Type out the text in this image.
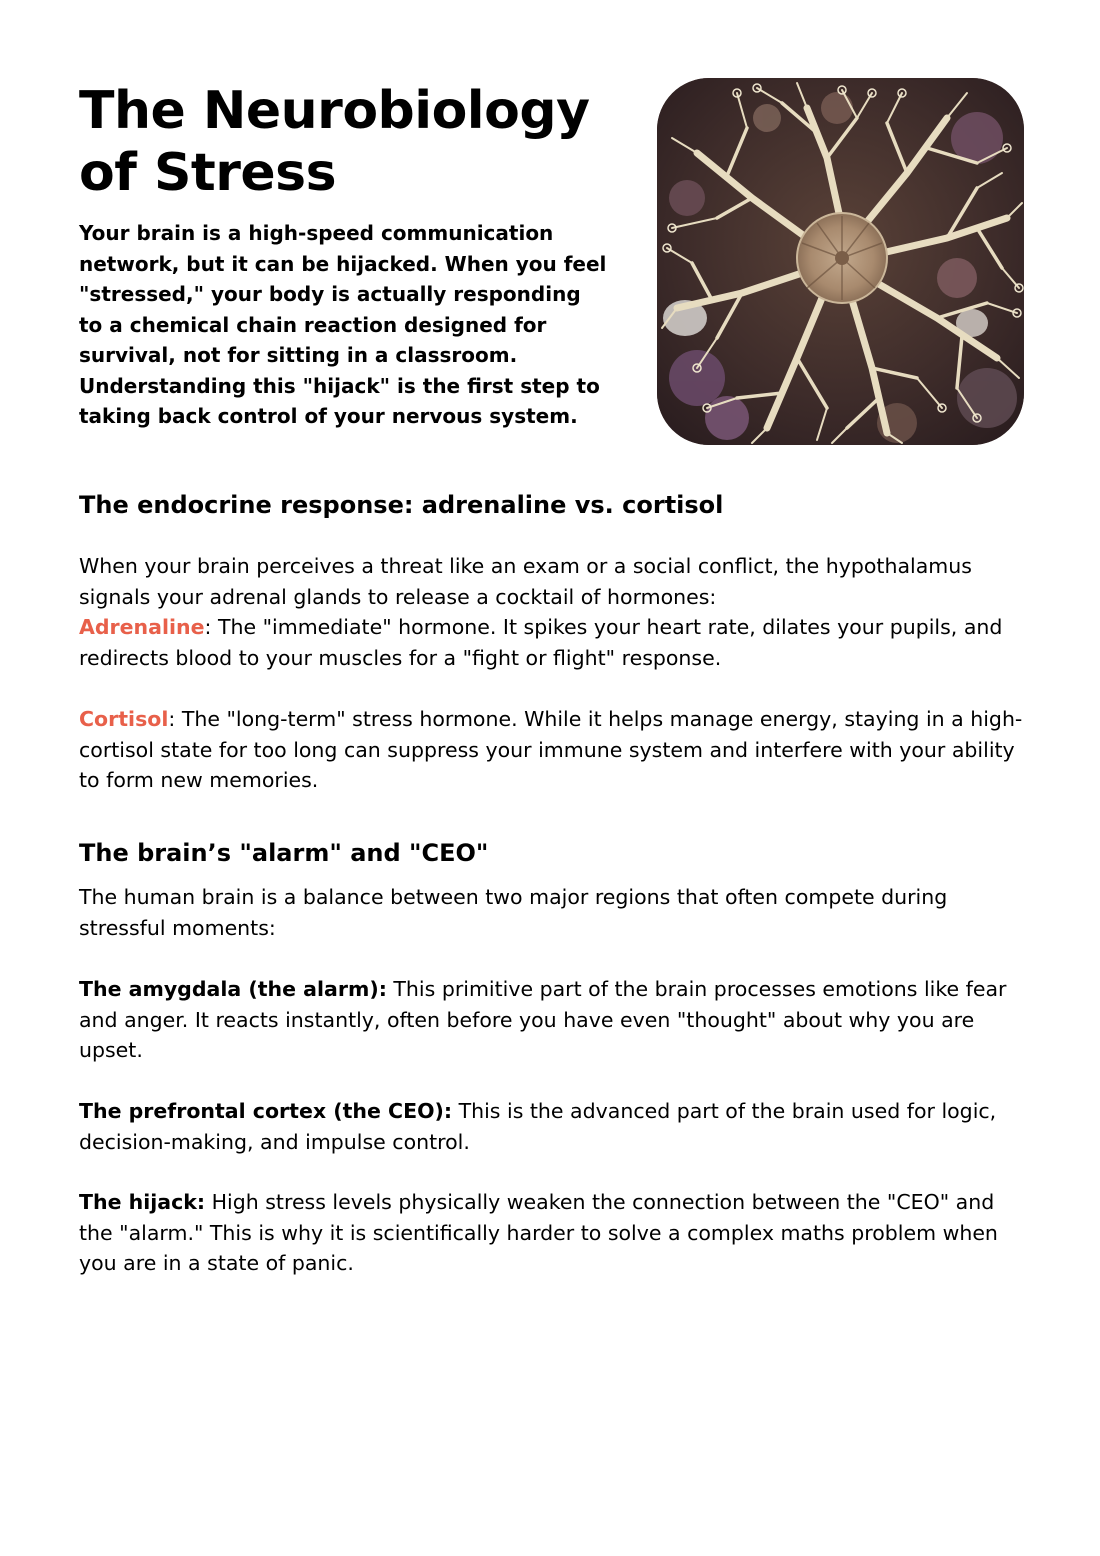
The Neurobiology of Stress

Your brain is a high-speed communication network, but it can be hijacked. When you feel "stressed," your body is actually responding to a chemical chain reaction designed for survival, not for sitting in a classroom. Understanding this "hijack" is the first step to taking back control of your nervous system.

The endocrine response: adrenaline vs. cortisol

When your brain perceives a threat like an exam or a social conflict, the hypothalamus signals your adrenal glands to release a cocktail of hormones:
Adrenaline: The "immediate" hormone. It spikes your heart rate, dilates your pupils, and redirects blood to your muscles for a "fight or flight" response.

Cortisol: The "long-term" stress hormone. While it helps manage energy, staying in a high-cortisol state for too long can suppress your immune system and interfere with your ability to form new memories.

The brain’s "alarm" and "CEO"

The human brain is a balance between two major regions that often compete during stressful moments:

The amygdala (the alarm): This primitive part of the brain processes emotions like fear and anger. It reacts instantly, often before you have even "thought" about why you are upset.

The prefrontal cortex (the CEO): This is the advanced part of the brain used for logic, decision-making, and impulse control.

The hijack: High stress levels physically weaken the connection between the "CEO" and the "alarm." This is why it is scientifically harder to solve a complex maths problem when you are in a state of panic.
